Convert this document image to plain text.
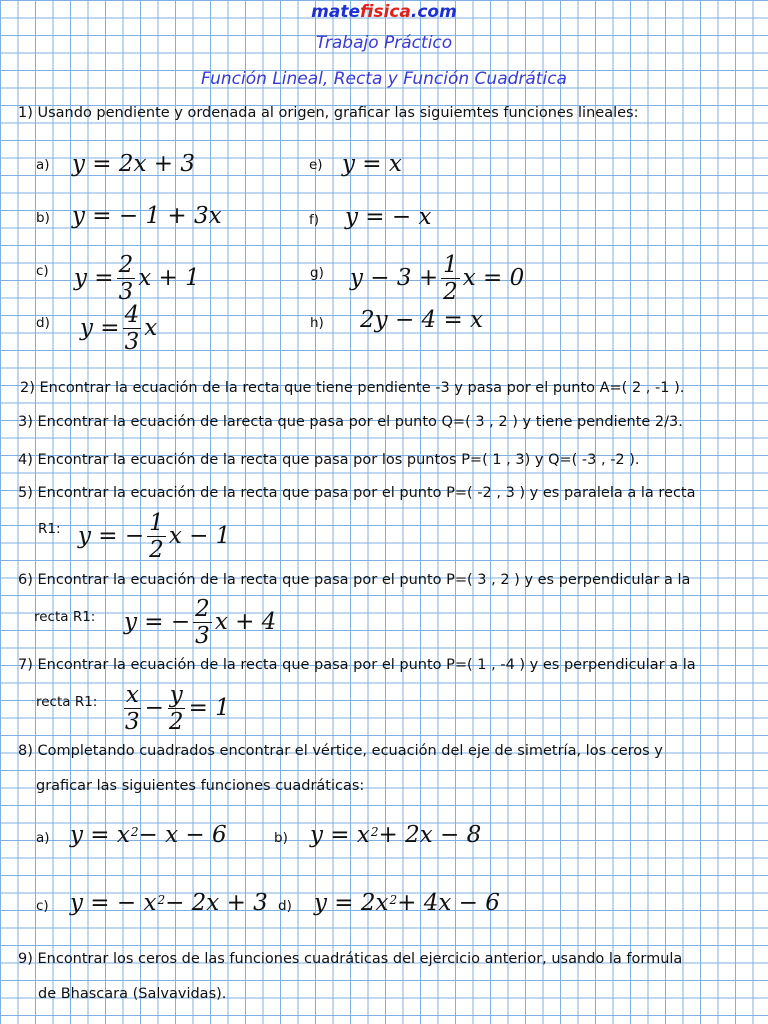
matefisica.com
Trabajo Práctico
Función Lineal, Recta y Función Cuadrática
1) Usando pendiente y ordenada al origen, graficar las siguiemtes funciones lineales:
a) y = 2x + 3
b) y = − 1 + 3x
c) $y = \frac{2}{3}$ x + 1
d) $y = \frac{4}{3}$ x
e) y = x
f) y = − x
g) $y - 3 + \frac{1}{2}$ x = 0
h) 2y − 4 = x
2) Encontrar la ecuación de la recta que tiene pendiente -3 y pasa por el punto A=( 2 , -1 ).
3) Encontrar la ecuación de larecta que pasa por el punto Q=( 3 , 2 ) y tiene pendiente 2/3.
4) Encontrar la ecuación de la recta que pasa por los puntos P=( 1 , 3) y Q=( -3 , -2 ).
5) Encontrar la ecuación de la recta que pasa por el punto P=( -2 , 3 ) y es paralela a la recta
R1: y = − $\frac{1}{2}$ x − 1
6) Encontrar la ecuación de la recta que pasa por el punto P=( 3 , 2 ) y es perpendicular a la
recta R1: y = − $\frac{2}{3}$ x + 4
7) Encontrar la ecuación de la recta que pasa por el punto P=( 1 , -4 ) y es perpendicular a la
recta R1: $\frac{x}{3} - \frac{y}{2} = 1$
8) Completando cuadrados encontrar el vértice, ecuación del eje de simetría, los ceros y
graficar las siguientes funciones cuadráticas:
a) $y = x^2- x - 6$	b) $y = x^2+ 2x - 8$
c) y = − $x^2- 2x + 3$ d) $y = 2x^2+ 4x - 6$
9) Encontrar los ceros de las funciones cuadráticas del ejercicio anterior, usando la formula
de Bhascara (Salvavidas).
